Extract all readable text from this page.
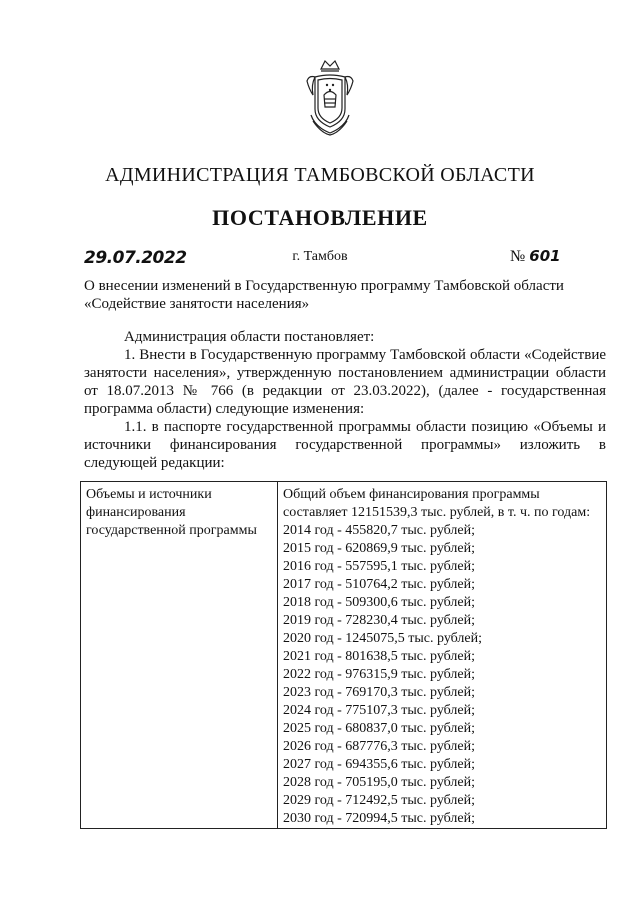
АДМИНИСТРАЦИЯ ТАМБОВСКОЙ ОБЛАСТИ
ПОСТАНОВЛЕНИЕ
29.07.2022	г. Тамбов	№ 601
О внесении изменений в Государственную программу Тамбовской области «Содействие занятости населения»

Администрация области постановляет:

1. Внести в Государственную программу Тамбовской области «Содействие занятости населения», утвержденную постановлением администрации области от 18.07.2013 № 766 (в редакции от 23.03.2022), (далее - государственная программа области) следующие изменения:

1.1. в паспорте государственной программы области позицию «Объемы и источники финансирования государственной программы» изложить в следующей редакции:

Объемы и источники финансирования государственной программы	Общий объем финансирования программы составляет 12151539,3 тыс. рублей, в т. ч. по годам:
2014 год - 455820,7 тыс. рублей;
2015 год - 620869,9 тыс. рублей;
2016 год - 557595,1 тыс. рублей;
2017 год - 510764,2 тыс. рублей;
2018 год - 509300,6 тыс. рублей;
2019 год - 728230,4 тыс. рублей;
2020 год - 1245075,5 тыс. рублей;
2021 год - 801638,5 тыс. рублей;
2022 год - 976315,9 тыс. рублей;
2023 год - 769170,3 тыс. рублей;
2024 год - 775107,3 тыс. рублей;
2025 год - 680837,0 тыс. рублей;
2026 год - 687776,3 тыс. рублей;
2027 год - 694355,6 тыс. рублей;
2028 год - 705195,0 тыс. рублей;
2029 год - 712492,5 тыс. рублей;
2030 год - 720994,5 тыс. рублей;
